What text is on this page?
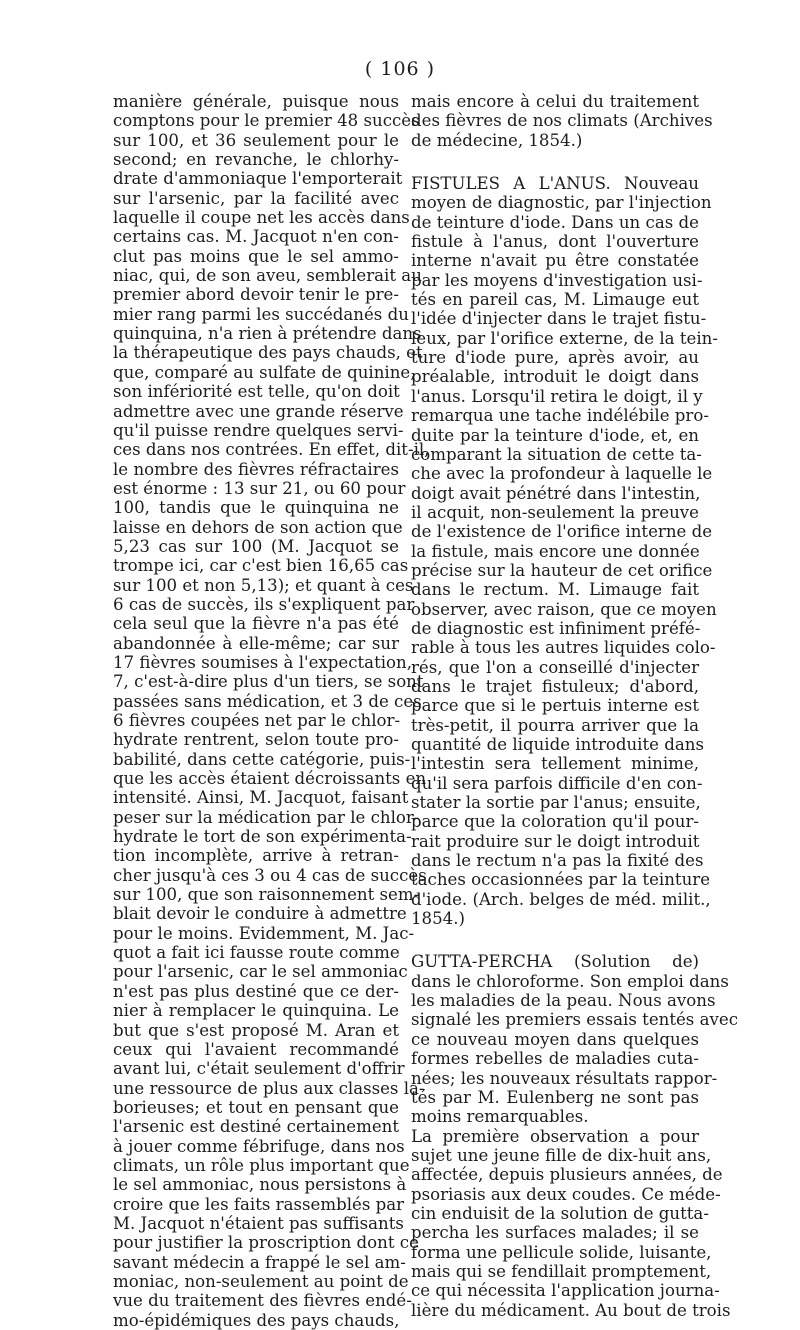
( 106 )
manière générale, puisque nous
comptons pour le premier 48 succès
sur 100, et 36 seulement pour le
second; en revanche, le chlorhy-
drate d'ammoniaque l'emporterait
sur l'arsenic, par la facilité avec
laquelle il coupe net les accès dans
certains cas. M. Jacquot n'en con-
clut pas moins que le sel ammo-
niac, qui, de son aveu, semblerait au
premier abord devoir tenir le pre-
mier rang parmi les succédanés du
quinquina, n'a rien à prétendre dans
la thérapeutique des pays chauds, et
que, comparé au sulfate de quinine,
son infériorité est telle, qu'on doit
admettre avec une grande réserve
qu'il puisse rendre quelques servi-
ces dans nos contrées. En effet, dit-il,
le nombre des fièvres réfractaires
est énorme : 13 sur 21, ou 60 pour
100, tandis que le quinquina ne
laisse en dehors de son action que
5,23 cas sur 100 (M. Jacquot se
trompe ici, car c'est bien 16,65 cas
sur 100 et non 5,13); et quant à ces
6 cas de succès, ils s'expliquent par
cela seul que la fièvre n'a pas été
abandonnée à elle-même; car sur
17 fièvres soumises à l'expectation,
7, c'est-à-dire plus d'un tiers, se sont
passées sans médication, et 3 de ces
6 fièvres coupées net par le chlor-
hydrate rentrent, selon toute pro-
babilité, dans cette catégorie, puis-
que les accès étaient décroissants en
intensité. Ainsi, M. Jacquot, faisant
peser sur la médication par le chlor-
hydrate le tort de son expérimenta-
tion incomplète, arrive à retran-
cher jusqu'à ces 3 ou 4 cas de succès
sur 100, que son raisonnement sem-
blait devoir le conduire à admettre
pour le moins. Evidemment, M. Jac-
quot a fait ici fausse route comme
pour l'arsenic, car le sel ammoniac
n'est pas plus destiné que ce der-
nier à remplacer le quinquina. Le
but que s'est proposé M. Aran et
ceux qui l'avaient recommandé
avant lui, c'était seulement d'offrir
une ressource de plus aux classes la-
borieuses; et tout en pensant que
l'arsenic est destiné certainement
à jouer comme fébrifuge, dans nos
climats, un rôle plus important que
le sel ammoniac, nous persistons à
croire que les faits rassemblés par
M. Jacquot n'étaient pas suffisants
pour justifier la proscription dont ce
savant médecin a frappé le sel am-
moniac, non-seulement au point de
vue du traitement des fièvres endé-
mo-épidémiques des pays chauds,
mais encore à celui du traitement
des fièvres de nos climats (Archives
de médecine, 1854.)
FISTULES A L'ANUS. Nouveau
moyen de diagnostic, par l'injection
de teinture d'iode. Dans un cas de
fistule à l'anus, dont l'ouverture
interne n'avait pu être constatée
par les moyens d'investigation usi-
tés en pareil cas, M. Limauge eut
l'idée d'injecter dans le trajet fistu-
leux, par l'orifice externe, de la tein-
ture d'iode pure, après avoir, au
préalable, introduit le doigt dans
l'anus. Lorsqu'il retira le doigt, il y
remarqua une tache indélébile pro-
duite par la teinture d'iode, et, en
comparant la situation de cette ta-
che avec la profondeur à laquelle le
doigt avait pénétré dans l'intestin,
il acquit, non-seulement la preuve
de l'existence de l'orifice interne de
la fistule, mais encore une donnée
précise sur la hauteur de cet orifice
dans le rectum. M. Limauge fait
observer, avec raison, que ce moyen
de diagnostic est infiniment préfé-
rable à tous les autres liquides colo-
rés, que l'on a conseillé d'injecter
dans le trajet fistuleux; d'abord,
parce que si le pertuis interne est
très-petit, il pourra arriver que la
quantité de liquide introduite dans
l'intestin sera tellement minime,
qu'il sera parfois difficile d'en con-
stater la sortie par l'anus; ensuite,
parce que la coloration qu'il pour-
rait produire sur le doigt introduit
dans le rectum n'a pas la fixité des
taches occasionnées par la teinture
d'iode. (Arch. belges de méd. milit.,
1854.)
GUTTA-PERCHA (Solution de)
dans le chloroforme. Son emploi dans
les maladies de la peau. Nous avons
signalé les premiers essais tentés avec
ce nouveau moyen dans quelques
formes rebelles de maladies cuta-
nées; les nouveaux résultats rappor-
tés par M. Eulenberg ne sont pas
moins remarquables.
La première observation a pour
sujet une jeune fille de dix-huit ans,
affectée, depuis plusieurs années, de
psoriasis aux deux coudes. Ce méde-
cin enduisit de la solution de gutta-
percha les surfaces malades; il se
forma une pellicule solide, luisante,
mais qui se fendillait promptement,
ce qui nécessita l'application journa-
lière du médicament. Au bout de trois
